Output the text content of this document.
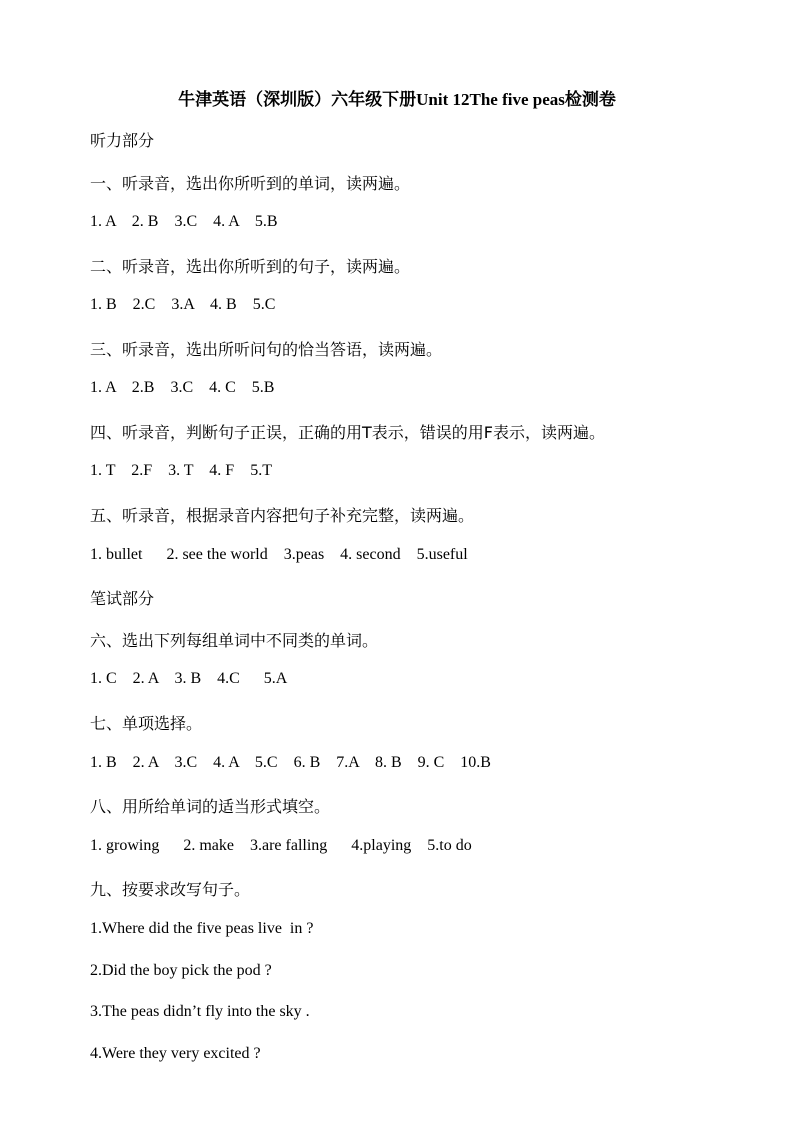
牛津英语（深圳版）六年级下册Unit 12The five peas检测卷
听力部分
一、听录音，选出你所听到的单词，读两遍。
1. A    2. B    3.C    4. A    5.B
二、听录音，选出你所听到的句子，读两遍。
1. B    2.C    3.A    4. B    5.C
三、听录音，选出所听问句的恰当答语，读两遍。
1. A    2.B    3.C    4. C    5.B
四、听录音，判断句子正误，正确的用T表示，错误的用F表示，读两遍。
1. T    2.F    3. T    4. F    5.T
五、听录音，根据录音内容把句子补充完整，读两遍。
1. bullet      2. see the world    3.peas    4. second    5.useful
笔试部分
六、选出下列每组单词中不同类的单词。
1. C    2. A    3. B    4.C      5.A
七、单项选择。
1. B    2. A    3.C    4. A    5.C    6. B    7.A    8. B    9. C    10.B
八、用所给单词的适当形式填空。
1. growing      2. make    3.are falling      4.playing    5.to do
九、按要求改写句子。
1.Where did the five peas live  in ?
2.Did the boy pick the pod ?
3.The peas didn’t fly into the sky .
4.Were they very excited ?
